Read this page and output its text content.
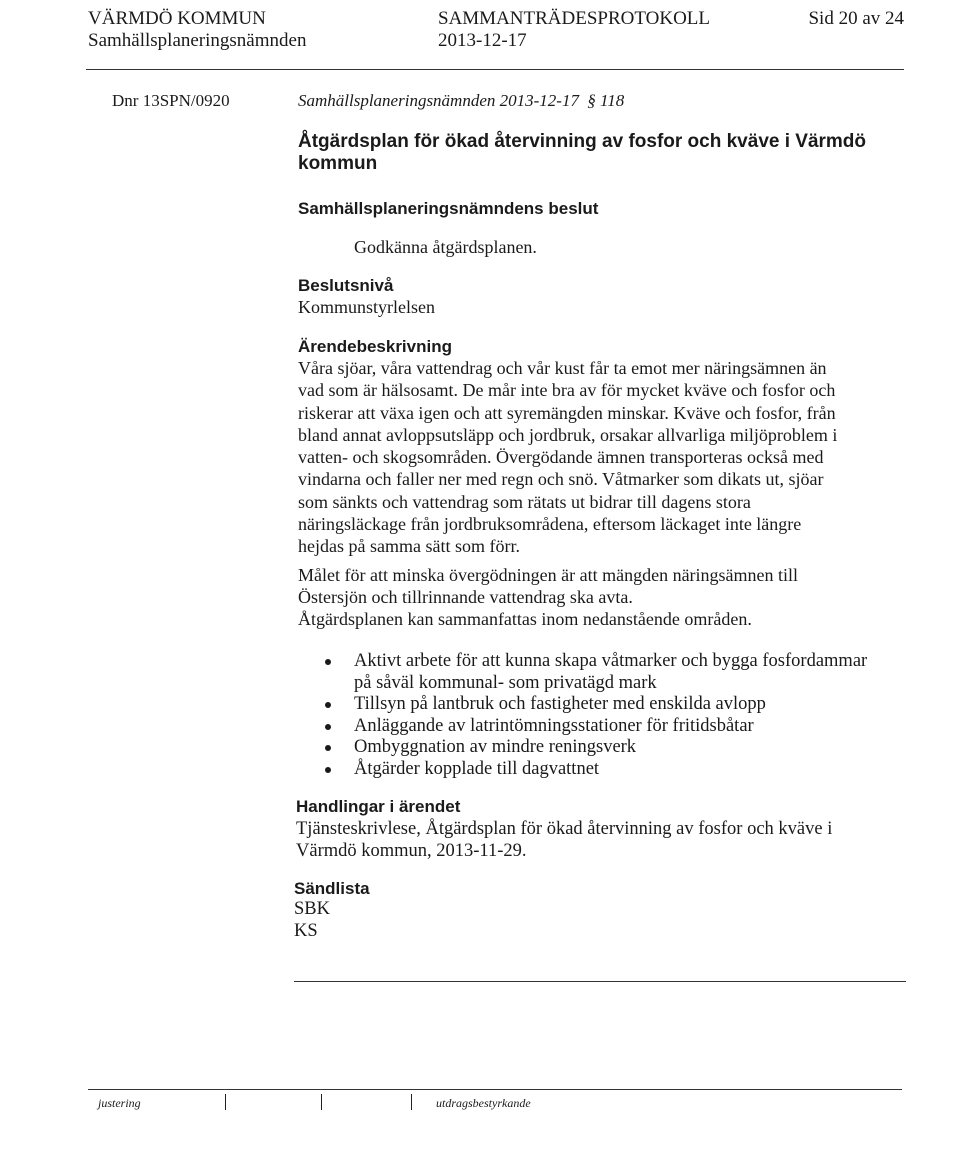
VÄRMDÖ KOMMUN
Samhällsplaneringsnämnden
SAMMANTRÄDESPROTOKOLL
2013-12-17
Sid 20 av 24
Dnr 13SPN/0920	Samhällsplaneringsnämnden 2013-12-17 § 118
Åtgärdsplan för ökad återvinning av fosfor och kväve i Värmdö
kommun
Samhällsplaneringsnämndens beslut
Godkänna åtgärdsplanen.
Beslutsnivå
Kommunstyrlelsen
Ärendebeskrivning
Våra sjöar, våra vattendrag och vår kust får ta emot mer näringsämnen än
vad som är hälsosamt. De mår inte bra av för mycket kväve och fosfor och
riskerar att växa igen och att syremängden minskar. Kväve och fosfor, från
bland annat avloppsutsläpp och jordbruk, orsakar allvarliga miljöproblem i
vatten- och skogsområden. Övergödande ämnen transporteras också med
vindarna och faller ner med regn och snö. Våtmarker som dikats ut, sjöar
som sänkts och vattendrag som rätats ut bidrar till dagens stora
näringsläckage från jordbruksområdena, eftersom läckaget inte längre
hejdas på samma sätt som förr.
Målet för att minska övergödningen är att mängden näringsämnen till
Östersjön och tillrinnande vattendrag ska avta.
Åtgärdsplanen kan sammanfattas inom nedanstående områden.
Aktivt arbete för att kunna skapa våtmarker och bygga fosfordammar
på såväl kommunal- som privatägd mark
Tillsyn på lantbruk och fastigheter med enskilda avlopp
Anläggande av latrintömningsstationer för fritidsbåtar
Ombyggnation av mindre reningsverk
Åtgärder kopplade till dagvattnet
Handlingar i ärendet
Tjänsteskrivlese, Åtgärdsplan för ökad återvinning av fosfor och kväve i
Värmdö kommun, 2013-11-29.
Sändlista
SBK
KS
justering	utdragsbestyrkande
